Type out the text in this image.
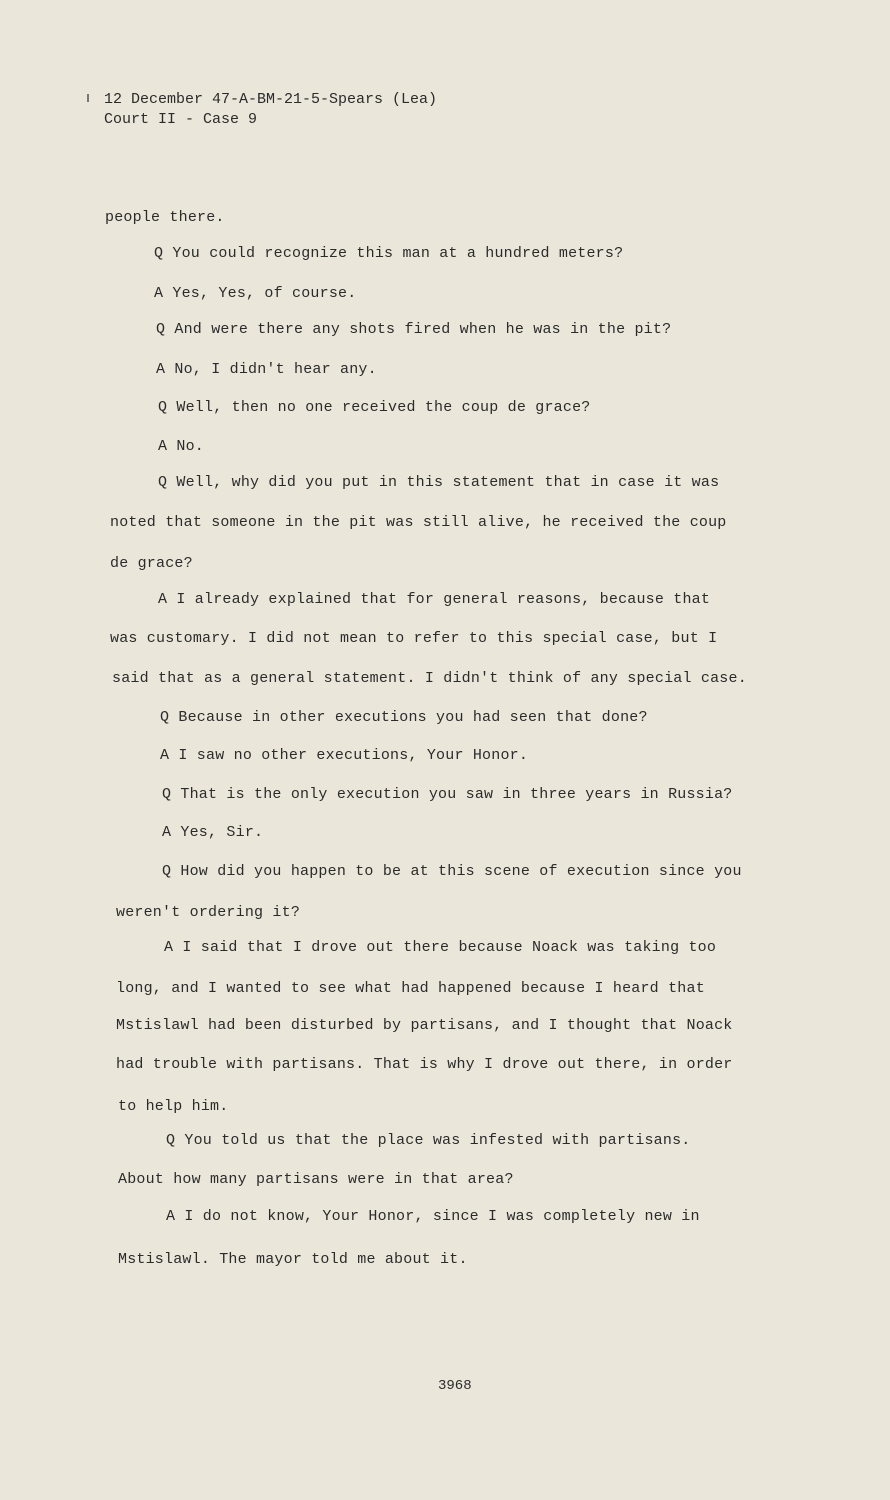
12 December 47-A-BM-21-5-Spears (Lea)
Court II - Case 9
people there.
Q You could recognize this man at a hundred meters?
A Yes, Yes, of course.
Q And were there any shots fired when he was in the pit?
A No, I didn't hear any.
Q Well, then no one received the coup de grace?
A No.
Q Well, why did you put in this statement that in case it was
noted that someone in the pit was still alive, he received the coup
de grace?
A I already explained that for general reasons, because that
was customary. I did not mean to refer to this special case, but I
said that as a general statement. I didn't think of any special case.
Q Because in other executions you had seen that done?
A I saw no other executions, Your Honor.
Q That is the only execution you saw in three years in Russia?
A Yes, Sir.
Q How did you happen to be at this scene of execution since you
weren't ordering it?
A I said that I drove out there because Noack was taking too
long, and I wanted to see what had happened because I heard that
Mstislawl had been disturbed by partisans, and I thought that Noack
had trouble with partisans. That is why I drove out there, in order
to help him.
Q You told us that the place was infested with partisans.
About how many partisans were in that area?
A I do not know, Your Honor, since I was completely new in
Mstislawl. The mayor told me about it.
3968
